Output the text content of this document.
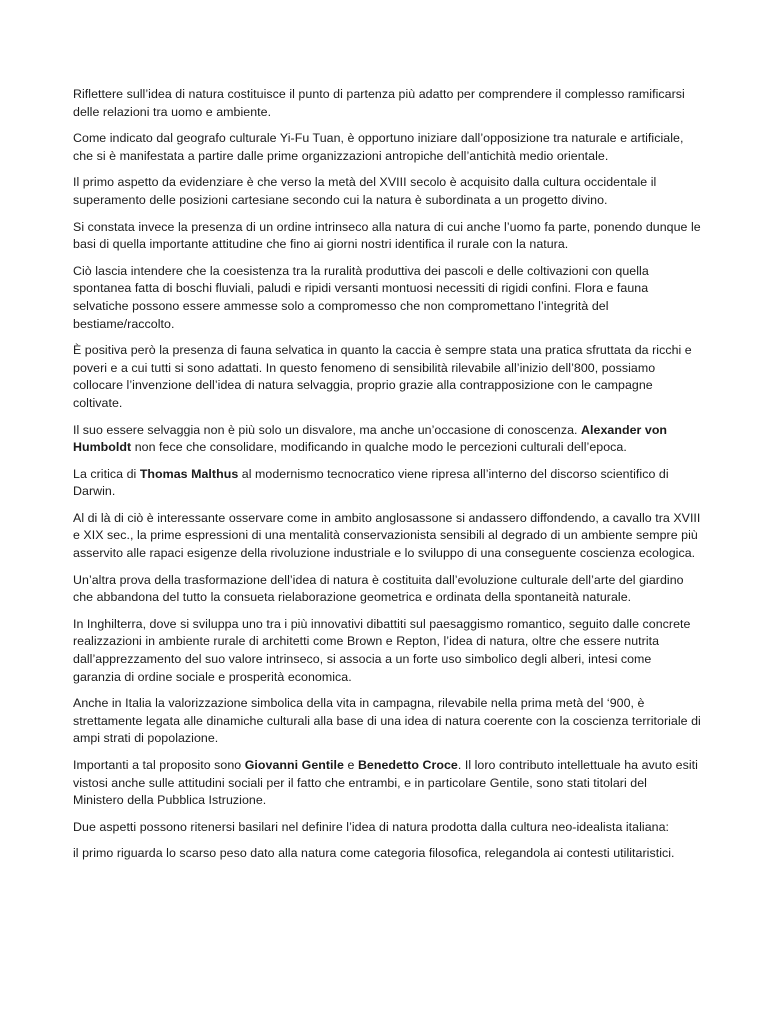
Riflettere sull’idea di natura costituisce il punto di partenza più adatto per comprendere il complesso ramificarsi delle relazioni tra uomo e ambiente.

Come indicato dal geografo culturale Yi-Fu Tuan, è opportuno iniziare dall’opposizione tra naturale e artificiale, che si è manifestata a partire dalle prime organizzazioni antropiche dell’antichità medio orientale.

Il primo aspetto da evidenziare è che verso la metà del XVIII secolo è acquisito dalla cultura occidentale il superamento delle posizioni cartesiane secondo cui la natura è subordinata a un progetto divino.

Si constata invece la presenza di un ordine intrinseco alla natura di cui anche l’uomo fa parte, ponendo dunque le basi di quella importante attitudine che fino ai giorni nostri identifica il rurale con la natura.

Ciò lascia intendere che la coesistenza tra la ruralità produttiva dei pascoli e delle coltivazioni con quella spontanea fatta di boschi fluviali, paludi e ripidi versanti montuosi necessiti di rigidi confini. Flora e fauna selvatiche possono essere ammesse solo a compromesso che non compromettano l’integrità del bestiame/raccolto.

È positiva però la presenza di fauna selvatica in quanto la caccia è sempre stata una pratica sfruttata da ricchi e poveri e a cui tutti si sono adattati. In questo fenomeno di sensibilità rilevabile all’inizio dell’800, possiamo collocare l’invenzione dell’idea di natura selvaggia, proprio grazie alla contrapposizione con le campagne coltivate.

Il suo essere selvaggia non è più solo un disvalore, ma anche un’occasione di conoscenza. Alexander von Humboldt non fece che consolidare, modificando in qualche modo le percezioni culturali dell’epoca.

La critica di Thomas Malthus al modernismo tecnocratico viene ripresa all’interno del discorso scientifico di Darwin.

Al di là di ciò è interessante osservare come in ambito anglosassone si andassero diffondendo, a cavallo tra XVIII e XIX sec., la prime espressioni di una mentalità conservazionista sensibili al degrado di un ambiente sempre più asservito alle rapaci esigenze della rivoluzione industriale e lo sviluppo di una conseguente coscienza ecologica.

Un’altra prova della trasformazione dell’idea di natura è costituita dall’evoluzione culturale dell’arte del giardino che abbandona del tutto la consueta rielaborazione geometrica e ordinata della spontaneità naturale.

In Inghilterra, dove si sviluppa uno tra i più innovativi dibattiti sul paesaggismo romantico, seguito dalle concrete realizzazioni in ambiente rurale di architetti come Brown e Repton, l’idea di natura, oltre che essere nutrita dall’apprezzamento del suo valore intrinseco, si associa a un forte uso simbolico degli alberi, intesi come garanzia di ordine sociale e prosperità economica.

Anche in Italia la valorizzazione simbolica della vita in campagna, rilevabile nella prima metà del ‘900, è strettamente legata alle dinamiche culturali alla base di una idea di natura coerente con la coscienza territoriale di ampi strati di popolazione.

Importanti a tal proposito sono Giovanni Gentile e Benedetto Croce. Il loro contributo intellettuale ha avuto esiti vistosi anche sulle attitudini sociali per il fatto che entrambi, e in particolare Gentile, sono stati titolari del Ministero della Pubblica Istruzione.

Due aspetti possono ritenersi basilari nel definire l’idea di natura prodotta dalla cultura neo-idealista italiana:

il primo riguarda lo scarso peso dato alla natura come categoria filosofica, relegandola ai contesti utilitaristici.
